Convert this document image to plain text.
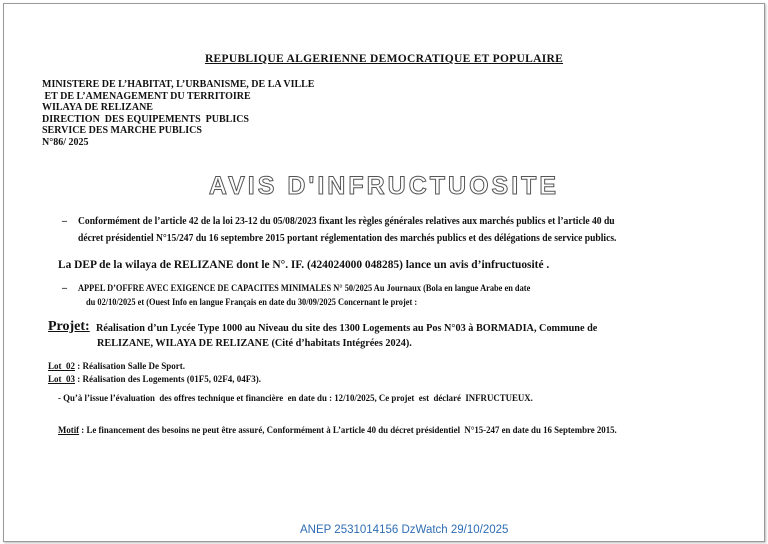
REPUBLIQUE ALGERIENNE DEMOCRATIQUE ET POPULAIRE
MINISTERE DE L’HABITAT, L’URBANISME, DE LA VILLE
ET DE L’AMENAGEMENT DU TERRITOIRE
WILAYA DE RELIZANE
DIRECTION  DES EQUIPEMENTS  PUBLICS
SERVICE DES MARCHE PUBLICS
N°86/ 2025
AVIS D'INFRUCTUOSITE
– Conformément de l’article 42 de la loi 23-12 du 05/08/2023 fixant les règles générales relatives aux marchés publics et l’article 40 du
décret présidentiel N°15/247 du 16 septembre 2015 portant réglementation des marchés publics et des délégations de service publics.
La DEP de la wilaya de RELIZANE dont le N°. IF. (424024000 048285) lance un avis d’infructuosité .
– APPEL D’OFFRE AVEC EXIGENCE DE CAPACITES MINIMALES N° 50/2025 Au Journaux (Bola en langue Arabe en date
du 02/10/2025 et (Ouest Info en langue Français en date du 30/09/2025 Concernant le projet :
Projet: Réalisation d’un Lycée Type 1000 au Niveau du site des 1300 Logements au Pos N°03 à BORMADIA, Commune de
RELIZANE, WILAYA DE RELIZANE (Cité d’habitats Intégrées 2024).
Lot  02 : Réalisation Salle De Sport.
Lot  03 : Réalisation des Logements (01F5, 02F4, 04F3).
- Qu’à l’issue l’évaluation  des offres technique et financière  en date du : 12/10/2025, Ce projet  est  déclaré  INFRUCTUEUX.
Motif : Le financement des besoins ne peut être assuré, Conformément à L’article 40 du décret présidentiel  N°15-247 en date du 16 Septembre 2015.
ANEP 2531014156 DzWatch 29/10/2025
